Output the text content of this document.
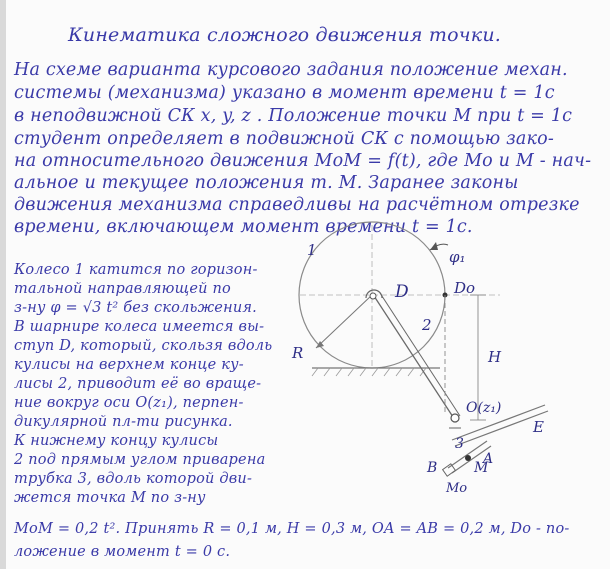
Кинематика сложного движения точки.
На схеме варианта курсового задания положение механ.
системы (механизма) указано в момент времени t = 1c
в неподвижной СК x, y, z . Положение точки M при t = 1c
студент определяет в подвижной СК с помощью зако-
на относительного движения MoM = f(t), где Mo и M - нач-
альное и текущее положения т. M. Заранее законы
движения механизма справедливы на расчётном отрезке
времени, включающем момент времени t = 1c.
Колесо 1 катится по горизон-
тальной направляющей по
з-ну φ = √3 t² без скольжения.
В шарнире колеса имеется вы-
ступ D, который, скользя вдоль
кулисы на верхнем конце ку-
лисы 2, приводит её во враще-
ние вокруг оси O(z₁), перпен-
дикулярной пл-ти рисунка.
К нижнему концу кулисы
2 под прямым углом приварена
трубка 3, вдоль которой дви-
жется точка M по з-ну
MoM = 0,2 t². Принять R = 0,1 м, H = 0,3 м, OA = AB = 0,2 м, Do - по-
ложение в момент t = 0 с.
1	φ₁
D	Do
2
R	H
O(z₁)
E
A
3
B	M
Mo
